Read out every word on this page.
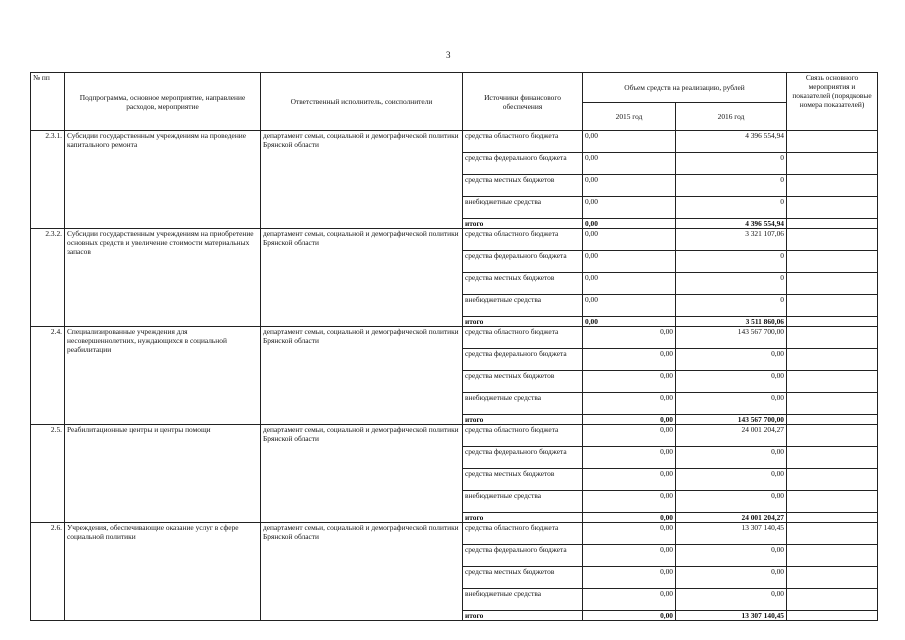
3
№ пп	Подпрограмма, основное мероприятие, направление расходов, мероприятие	Ответственный исполнитель, соисполнители	Источники финансового обеспечения	Объем средств на реализацию, рублей		Связь основного мероприятия и показателей (порядковые номера показателей)
				2015 год	2016 год	
2.3.1.	Субсидии государственным учреждениям на проведение капитального ремонта	департамент семьи, социальной и демографической политики Брянской области	средства областного бюджета	0,00	4 396 554,94	
			средства федерального бюджета	0,00	0	
			средства местных бюджетов	0,00	0	
			внебюджетные средства	0,00	0	
			итого	0,00	4 396 554,94	
2.3.2.	Субсидии государственным учреждениям на приобретение основных средств и увеличение стоимости материальных запасов	департамент семьи, социальной и демографической политики Брянской области	средства областного бюджета	0,00	3 321 107,06	
			средства федерального бюджета	0,00	0	
			средства местных бюджетов	0,00	0	
			внебюджетные средства	0,00	0	
			итого	0,00	3 511 860,06	
2.4.	Специализированные учреждения для несовершеннолетних, нуждающихся в социальной реабилитации	департамент семьи, социальной и демографической политики Брянской области	средства областного бюджета	0,00	143 567 700,00	
			средства федерального бюджета	0,00	0,00	
			средства местных бюджетов	0,00	0,00	
			внебюджетные средства	0,00	0,00	
			итого	0,00	143 567 700,00	
2.5.	Реабилитационные центры и центры помощи	департамент семьи, социальной и демографической политики Брянской области	средства областного бюджета	0,00	24 001 204,27	
			средства федерального бюджета	0,00	0,00	
			средства местных бюджетов	0,00	0,00	
			внебюджетные средства	0,00	0,00	
			итого	0,00	24 001 204,27	
2.6.	Учреждения, обеспечивающие оказание услуг в сфере социальной политики	департамент семьи, социальной и демографической политики Брянской области	средства областного бюджета	0,00	13 307 140,45	
			средства федерального бюджета	0,00	0,00	
			средства местных бюджетов	0,00	0,00	
			внебюджетные средства	0,00	0,00	
			итого	0,00	13 307 140,45	
